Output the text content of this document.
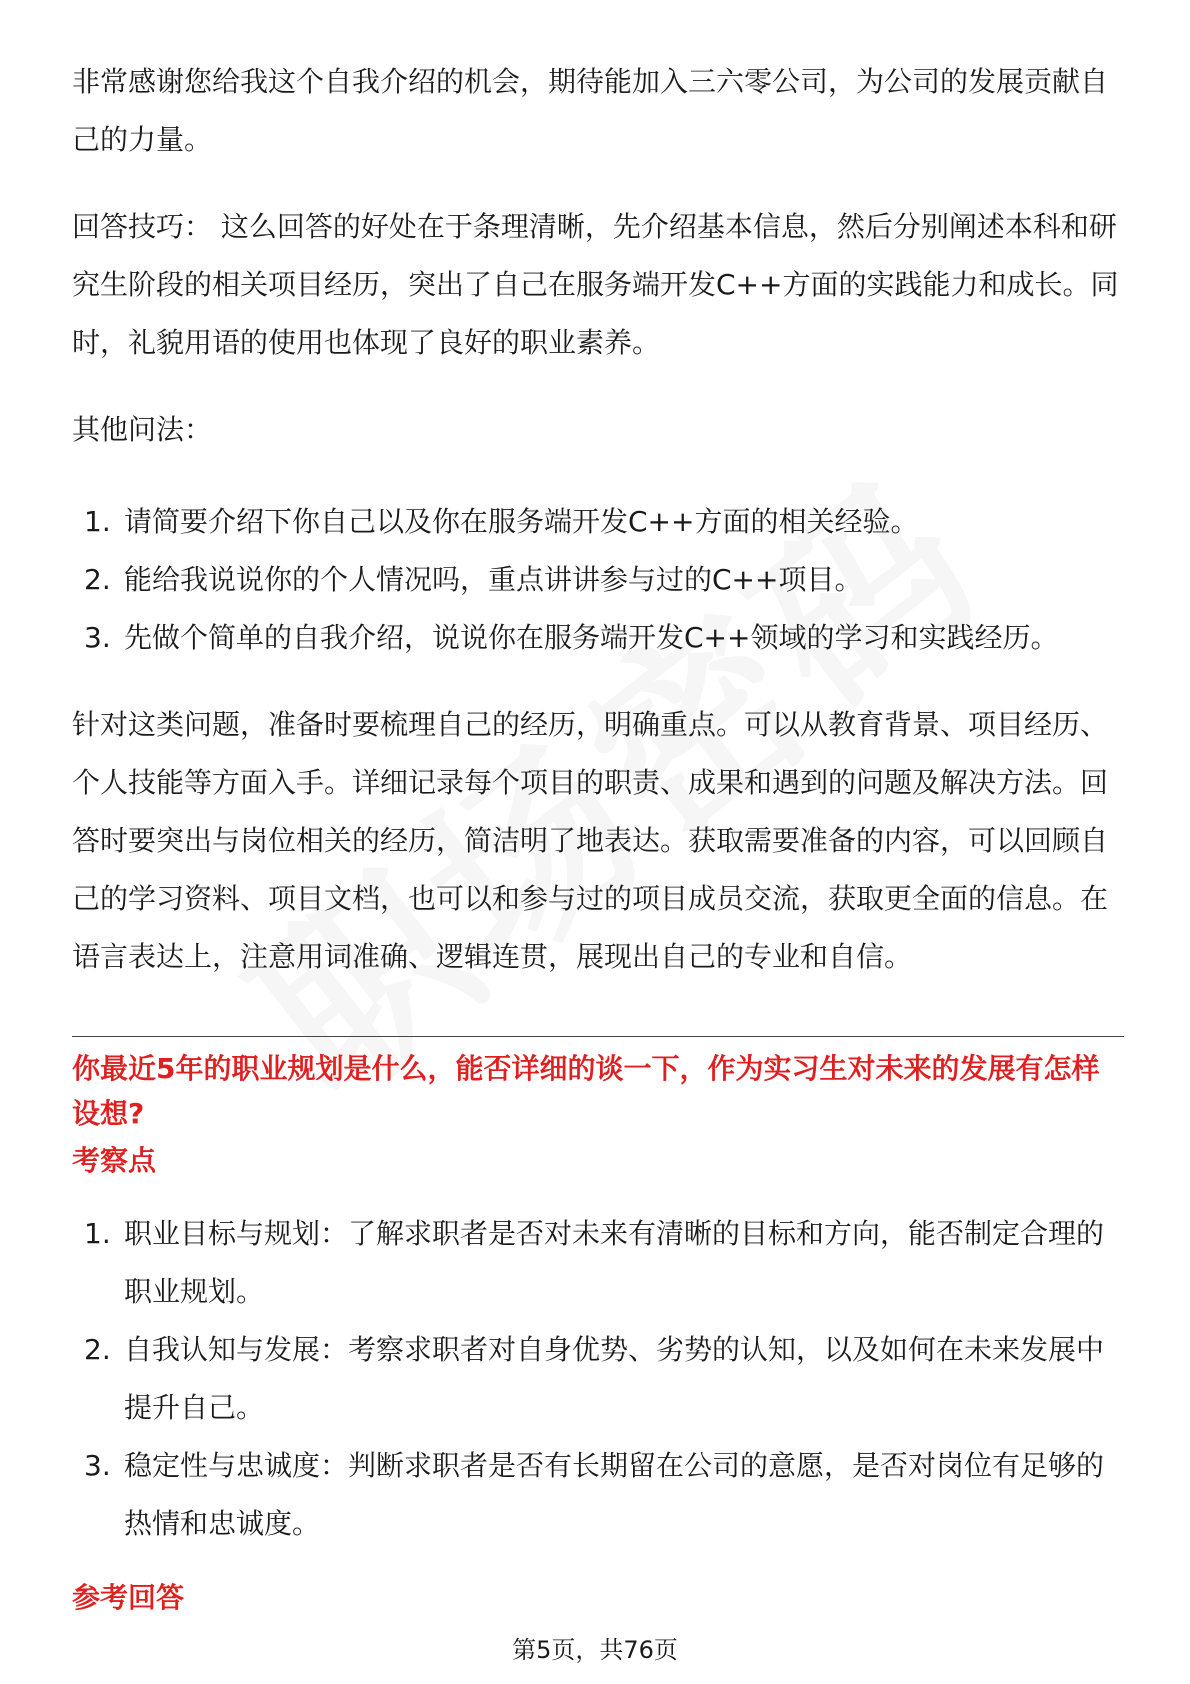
非常感谢您给我这个自我介绍的机会，期待能加入三六零公司，为公司的发展贡献自己的力量。

回答技巧： 这么回答的好处在于条理清晰，先介绍基本信息，然后分别阐述本科和研究生阶段的相关项目经历，突出了自己在服务端开发C++方面的实践能力和成长。同时，礼貌用语的使用也体现了良好的职业素养。

其他问法：

1. 请简要介绍下你自己以及你在服务端开发C++方面的相关经验。
2. 能给我说说你的个人情况吗，重点讲讲参与过的C++项目。
3. 先做个简单的自我介绍，说说你在服务端开发C++领域的学习和实践经历。

针对这类问题，准备时要梳理自己的经历，明确重点。可以从教育背景、项目经历、个人技能等方面入手。详细记录每个项目的职责、成果和遇到的问题及解决方法。回答时要突出与岗位相关的经历，简洁明了地表达。获取需要准备的内容，可以回顾自己的学习资料、项目文档，也可以和参与过的项目成员交流，获取更全面的信息。在语言表达上，注意用词准确、逻辑连贯，展现出自己的专业和自信。

你最近5年的职业规划是什么，能否详细的谈一下，作为实习生对未来的发展有怎样设想?
考察点
1. 职业目标与规划：了解求职者是否对未来有清晰的目标和方向，能否制定合理的职业规划。
2. 自我认知与发展：考察求职者对自身优势、劣势的认知，以及如何在未来发展中提升自己。
3. 稳定性与忠诚度：判断求职者是否有长期留在公司的意愿，是否对岗位有足够的热情和忠诚度。
参考回答
第5页，共76页
